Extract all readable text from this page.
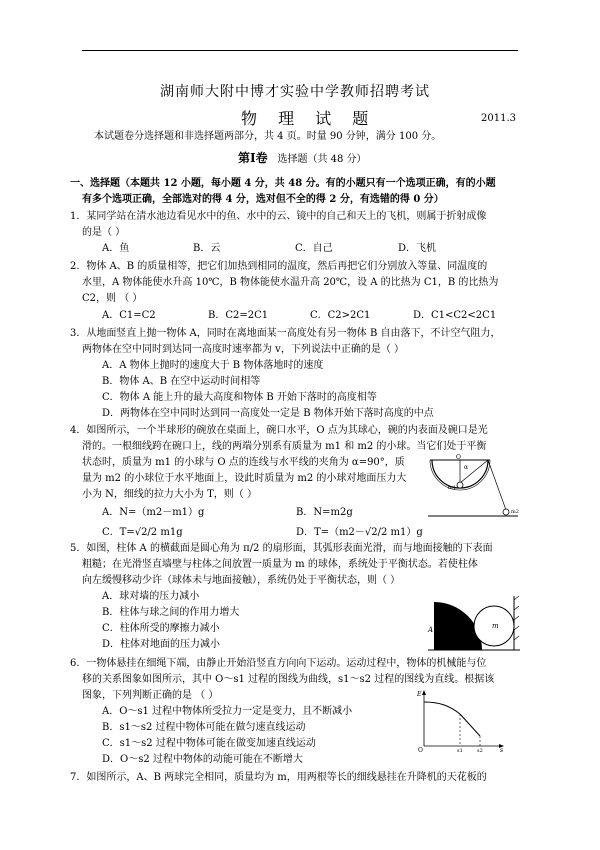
湖南师大附中博才实验中学教师招聘考试
物 理 试 题	2011.3
本试题卷分选择题和非选择题两部分，共 4 页。时量 90 分钟，满分 100 分。
第Ⅰ卷 选择题（共 48 分）
一、选择题（本题共 12 小题，每小题 4 分，共 48 分。有的小题只有一个选项正确，有的小题
有多个选项正确，全部选对的得 4 分，选对但不全的得 2 分，有选错的得 0 分）
1．某同学站在清水池边看见水中的鱼、水中的云、镜中的自己和天上的飞机，则属于折射成像
的是（ ）
A．鱼	B．云	C．自己	D．飞机
2．物体 A、B 的质量相等，把它们加热到相同的温度，然后再把它们分别放入等量、同温度的
水里，A 物体能使水升高 10℃，B 物体能使水温升高 20℃，设 A 的比热为 C1，B 的比热为
C2，则 （ ）
A．C1=C2	B．C2=2C1	C．C2>2C1	D．C1<C2<2C1
3．从地面竖直上抛一物体 A，同时在离地面某一高度处有另一物体 B 自由落下，不计空气阻力，
两物体在空中同时到达同一高度时速率都为 v，下列说法中正确的是（ ）
A．A 物体上抛时的速度大于 B 物体落地时的速度
B．物体 A、B 在空中运动时间相等
C．物体 A 能上升的最大高度和物体 B 开始下落时的高度相等
D．两物体在空中同时达到同一高度处一定是 B 物体开始下落时高度的中点
4．如图所示，一个半球形的碗放在桌面上，碗口水平，O 点为其球心，碗的内表面及碗口是光
滑的。一根细线跨在碗口上，线的两端分别系有质量为 m1 和 m2 的小球。当它们处于平衡
状态时，质量为 m1 的小球与 O 点的连线与水平线的夹角为 α=90°，质
量为 m2 的小球位于水平地面上，设此时质量为 m2 的小球对地面压力大
小为 N，细线的拉力大小为 T，则（ ）
A．N=（m2－m1）g	B．N=m2g
C．T=√2/2 m1g	D．T=（m2－√2/2 m1）g
O
α
m1
m2
5．如图，柱体 A 的横截面是圆心角为 π/2 的扇形面，其弧形表面光滑，而与地面接触的下表面
粗糙；在光滑竖直墙壁与柱体之间放置一质量为 m 的球体，系统处于平衡状态。若使柱体
向左缓慢移动少许（球体未与地面接触），系统仍处于平衡状态，则（ ）
A．球对墙的压力减小
B．柱体与球之间的作用力增大
C．柱体所受的摩擦力减小
D．柱体对地面的压力减小
A	m
6．一物体悬挂在细绳下端，由静止开始沿竖直方向向下运动。运动过程中，物体的机械能与位
移的关系图象如图所示，其中 O～s1 过程的图线为曲线，s1～s2 过程的图线为直线。根据该
图象，下列判断正确的是 （ ）
A．O～s1 过程中物体所受拉力一定是变力，且不断减小
B．s1～s2 过程中物体可能在做匀速直线运动
C．s1～s2 过程中物体可能在做变加速直线运动
D．O～s2 过程中物体的动能可能在不断增大
E
O	s1	s2	s
7．如图所示，A、B 两球完全相同，质量均为 m，用两根等长的细线悬挂在升降机的天花板的
